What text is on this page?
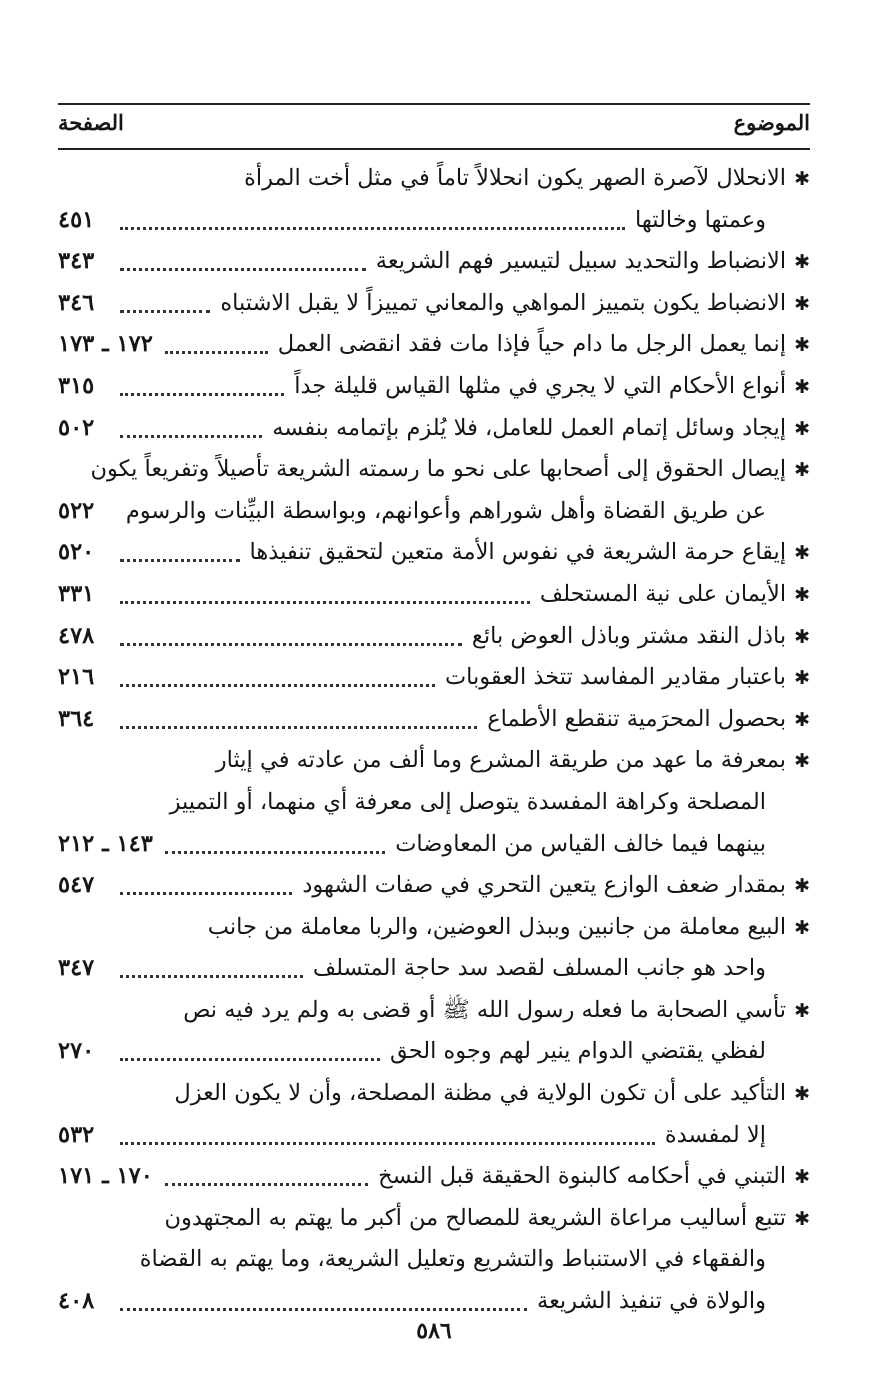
الموضوع
الصفحة
✱الانحلال لآصرة الصهر يكون انحلالاً تاماً في مثل أخت المرأة
وعمتها وخالتها
٤٥١
✱الانضباط والتحديد سبيل لتيسير فهم الشريعة
٣٤٣
✱الانضباط يكون بتمييز المواهي والمعاني تمييزاً لا يقبل الاشتباه
٣٤٦
✱إنما يعمل الرجل ما دام حياً فإذا مات فقد انقضى العمل
١٧٢ ـ ١٧٣
✱أنواع الأحكام التي لا يجري في مثلها القياس قليلة جداً
٣١٥
✱إيجاد وسائل إتمام العمل للعامل، فلا يُلزم بإتمامه بنفسه
٥٠٢
✱إيصال الحقوق إلى أصحابها على نحو ما رسمته الشريعة تأصيلاً وتفريعاً يكون
عن طريق القضاة وأهل شوراهم وأعوانهم، وبواسطة البيِّنات والرسوم
٥٢٢
✱إيقاع حرمة الشريعة في نفوس الأمة متعين لتحقيق تنفيذها
٥٢٠
✱الأيمان على نية المستحلف
٣٣١
✱باذل النقد مشتر وباذل العوض بائع
٤٧٨
✱باعتبار مقادير المفاسد تتخذ العقوبات
٢١٦
✱بحصول المحرَمية تنقطع الأطماع
٣٦٤
✱بمعرفة ما عهد من طريقة المشرع وما ألف من عادته في إيثار
المصلحة وكراهة المفسدة يتوصل إلى معرفة أي منهما، أو التمييز
بينهما فيما خالف القياس من المعاوضات
١٤٣ ـ ٢١٢
✱بمقدار ضعف الوازع يتعين التحري في صفات الشهود
٥٤٧
✱البيع معاملة من جانبين وببذل العوضين، والربا معاملة من جانب
واحد هو جانب المسلف لقصد سد حاجة المتسلف
٣٤٧
✱تأسي الصحابة ما فعله رسول الله ﷺ أو قضى به ولم يرد فيه نص
لفظي يقتضي الدوام ينير لهم وجوه الحق
٢٧٠
✱التأكيد على أن تكون الولاية في مظنة المصلحة، وأن لا يكون العزل
إلا لمفسدة
٥٣٢
✱التبني في أحكامه كالبنوة الحقيقة قبل النسخ
١٧٠ ـ ١٧١
✱تتبع أساليب مراعاة الشريعة للمصالح من أكبر ما يهتم به المجتهدون
والفقهاء في الاستنباط والتشريع وتعليل الشريعة، وما يهتم به القضاة
والولاة في تنفيذ الشريعة
٤٠٨
٥٨٦
